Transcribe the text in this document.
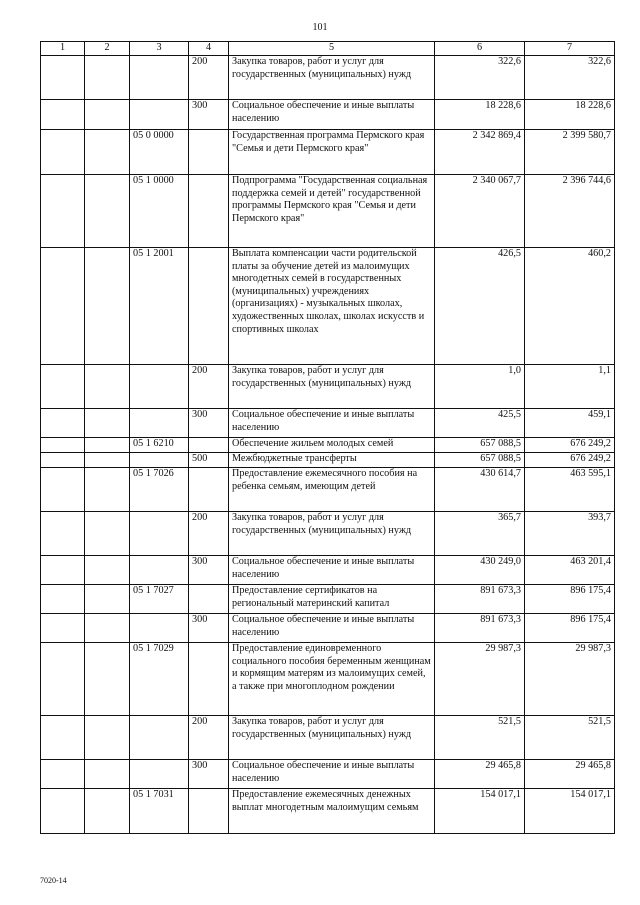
101
1	2	3	4	5	6	7
			200	Закупка товаров, работ и услуг для государственных (муниципальных) нужд	322,6	322,6
			300	Социальное обеспечение и иные выплаты населению	18 228,6	18 228,6
		05 0 0000		Государственная программа Пермского края "Семья и дети Пермского края"	2 342 869,4	2 399 580,7
		05 1 0000		Подпрограмма "Государственная социальная поддержка семей и детей" государственной программы Пермского края "Семья и дети Пермского края"	2 340 067,7	2 396 744,6
		05 1 2001		Выплата компенсации части родительской платы за обучение детей из малоимущих многодетных семей в государственных (муниципальных) учреждениях (организациях) - музыкальных школах, художественных школах, школах искусств и спортивных школах	426,5	460,2
			200	Закупка товаров, работ и услуг для государственных (муниципальных) нужд	1,0	1,1
			300	Социальное обеспечение и иные выплаты населению	425,5	459,1
		05 1 6210		Обеспечение жильем молодых семей	657 088,5	676 249,2
			500	Межбюджетные трансферты	657 088,5	676 249,2
		05 1 7026		Предоставление ежемесячного пособия на ребенка семьям, имеющим детей	430 614,7	463 595,1
			200	Закупка товаров, работ и услуг для государственных (муниципальных) нужд	365,7	393,7
			300	Социальное обеспечение и иные выплаты населению	430 249,0	463 201,4
		05 1 7027		Предоставление сертификатов на региональный материнский капитал	891 673,3	896 175,4
			300	Социальное обеспечение и иные выплаты населению	891 673,3	896 175,4
		05 1 7029		Предоставление единовременного социального пособия беременным женщинам и кормящим матерям из малоимущих семей, а также при многоплодном рождении	29 987,3	29 987,3
			200	Закупка товаров, работ и услуг для государственных (муниципальных) нужд	521,5	521,5
			300	Социальное обеспечение и иные выплаты населению	29 465,8	29 465,8
		05 1 7031		Предоставление ежемесячных денежных выплат многодетным малоимущим семьям	154 017,1	154 017,1
7020-14
